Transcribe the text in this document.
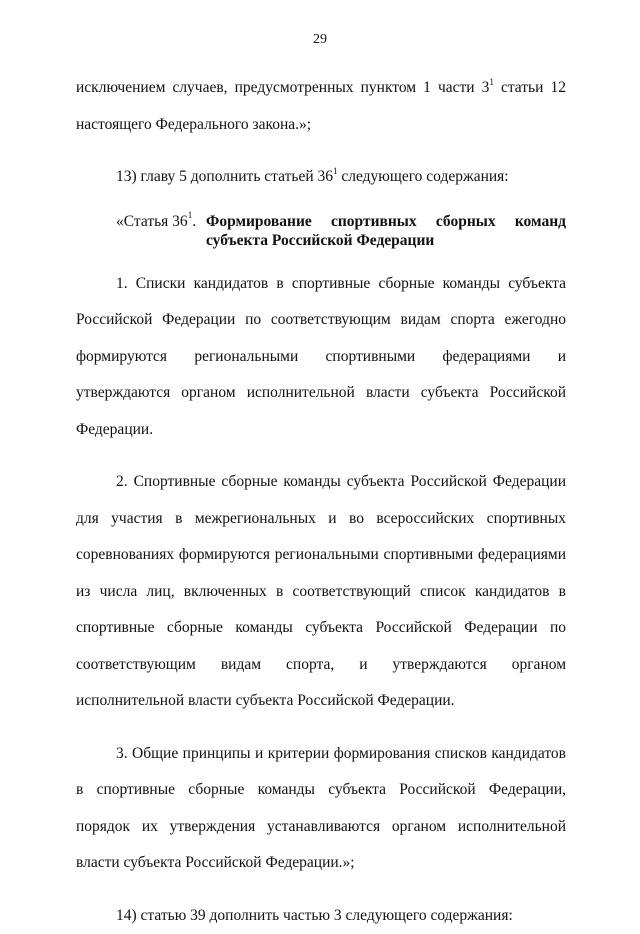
29

исключением случаев, предусмотренных пунктом 1 части $3^1$ статьи 12 настоящего Федерального закона.»;

13) главу 5 дополнить статьей $36^1$ следующего содержания:

«Статья $36^1$. Формирование спортивных сборных команд
субъекта Российской Федерации

1. Списки кандидатов в спортивные сборные команды субъекта Российской Федерации по соответствующим видам спорта ежегодно формируются региональными спортивными федерациями и утверждаются органом исполнительной власти субъекта Российской Федерации.

2. Спортивные сборные команды субъекта Российской Федерации для участия в межрегиональных и во всероссийских спортивных соревнованиях формируются региональными спортивными федерациями из числа лиц, включенных в соответствующий список кандидатов в спортивные сборные команды субъекта Российской Федерации по соответствующим видам спорта, и утверждаются органом исполнительной власти субъекта Российской Федерации.

3. Общие принципы и критерии формирования списков кандидатов в спортивные сборные команды субъекта Российской Федерации, порядок их утверждения устанавливаются органом исполнительной власти субъекта Российской Федерации.»;

14) статью 39 дополнить частью 3 следующего содержания:
